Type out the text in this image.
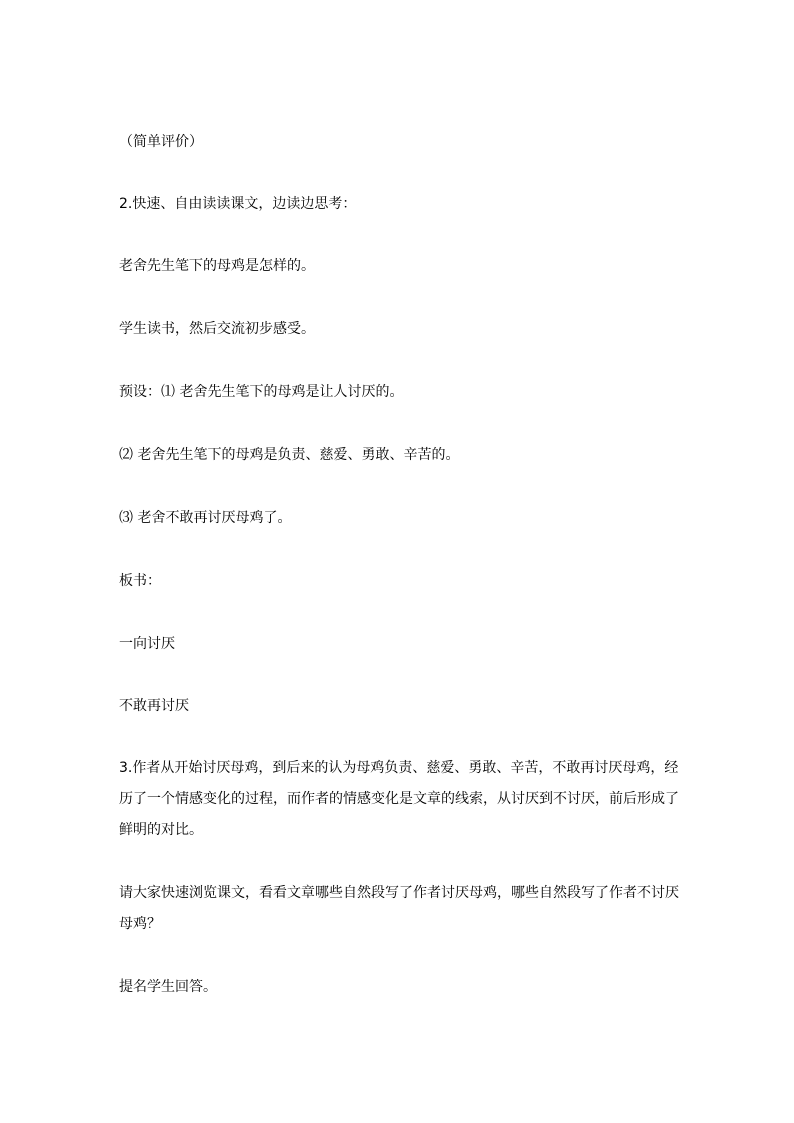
（简单评价）
2.快速、自由读读课文，边读边思考：
老舍先生笔下的母鸡是怎样的。
学生读书，然后交流初步感受。
预设：⑴ 老舍先生笔下的母鸡是让人讨厌的。
⑵ 老舍先生笔下的母鸡是负责、慈爱、勇敢、辛苦的。
⑶ 老舍不敢再讨厌母鸡了。
板书：
一向讨厌
不敢再讨厌
3.作者从开始讨厌母鸡，到后来的认为母鸡负责、慈爱、勇敢、辛苦，不敢再讨厌母鸡，经历了一个情感变化的过程，而作者的情感变化是文章的线索，从讨厌到不讨厌，前后形成了鲜明的对比。
请大家快速浏览课文，看看文章哪些自然段写了作者讨厌母鸡，哪些自然段写了作者不讨厌母鸡？
提名学生回答。
